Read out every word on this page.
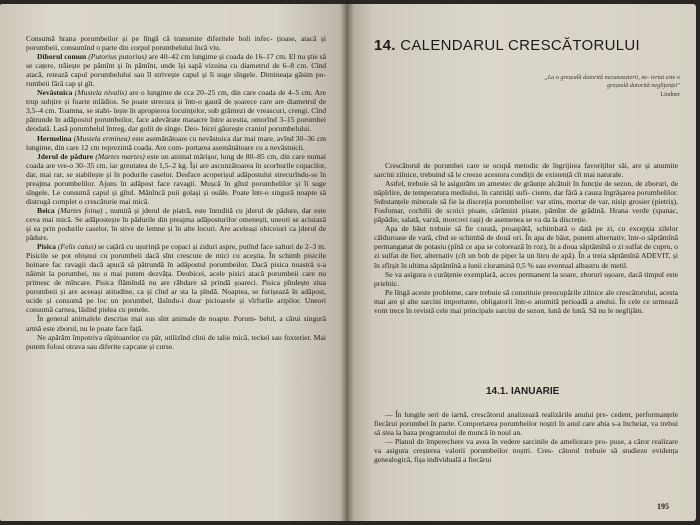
Consumă hrana porumbeilor și pe lîngă că transmite diferitele boli infec- țioase, atacă și porumbeii, consumînd o parte din corpul porumbelului încă viu.

Dihorul comun (Putorius putorius) are 40–42 cm lungime și coada de 16–17 cm. El nu știe să se cațere, trăiește pe pămînt și în pămînt, unde își sapă vizuina cu diametrul de 6–8 cm. Cînd atacă, retează capul porumbelului sau îl strivește capul și îi suge sîngele. Dimineața găsim po- rumbeii fără cap și gît.

Nevăstuica (Mustela nivalis) are o lungime de cca 20–25 cm, din care coada de 4–5 cm. Are trup subțire și foarte mlădios. Se poate strecura și într-o gaură de șoarece care are diametrul de 3,5–4 cm. Toamna, se stabi- lește în apropierea locuințelor, sub grămezi de vreascuri, crengi. Cînd pătrunde în adăpostul porumbeilor, face adevărate masacre între acestia, omorînd 3–15 porumbei deodată. Lasă porumbelul întreg, dar golit de sînge. Deo- bicei găurește craniul porumbelului.

Hermelina (Mustela erminea) este asemănătoare cu nevăstuica dar mai mare, avînd 30–36 cm lungime, din care 12 cm reprezintă coada. Are com- portarea asemănătoare cu a nevăstuicii.

Jderul de pădure (Martes martes) este un animal mărișor, lung de 80–85 cm, din care numai coada are vre-o 30–35 cm, iar greutatea de 1,5–2 kg. Își are ascunzătoarea în scorburile copacilor, dar, mai rar, se stabilește și în podurile caselor. Desface acoperișul adăpostului strecurîndu-se în preajma porumbelilor. Ajuns în adăpost face ravagii. Mușcă în gîtul porumbelilor și îi suge sîngele. Le consumă capul și gîtul. Mănîncă puii golași și ouăle. Poate într-o singură noapte să distrugă complet o crescătorie mai mică.

Beica (Martes foina) , numită și jderul de piatră, este înrudită cu jderul de pădure, dar este ceva mai mică. Se adăpostește în pădurile din preajma adăposturilor omenești, uneori se aciuiază și ea prin podurile caselor, în stive de lemne și în alte locuri. Are aceleași obiceiuri ca jderul de pădure.

Pisica (Felis catus) se cațără cu ușurință pe copaci și ziduri aspre, putînd face salturi de 2–3 m. Pisicile se pot obișnui cu porumbeii dacă sînt crescute de mici cu aceștia. În schimb pisicile hoinare fac ravagii dacă apucă să pătrundă în adăpostul porumbeilor. Dacă pisica noastră s-a năimit la porumbei, nu o mai putem dezvăța. Deobicei, acele pisici atacă porumbeii care nu primesc de mîncare. Pisica flămîndă nu are răbdare să prindă șoareci. Pisica pîndește ziua porumbeii și are aceeași atitudine, ca și cînd ar sta la pîndă. Noaptea, se furișează în adăpost, ucide și consumă pe loc un porumbel, lăsîndu-i doar picioarele și vîrfurile aripilor. Uneori consumă carnea, lăsînd pielea cu penele.

În general animalele descrise mai sus sînt animale de noapte. Porum- belul, a cărui singură armă este zborul, nu le poate face față.

Ne apărăm împotriva răpitoarelor cu păr, utilizînd clini de talie mică, teckel sau foxterier. Mai putem folosi otrava sau diferite capcane și curse.

14. CALENDARUL CRESCĂTORULUI
„La o greșeală datorită necunoașterii, ne- iertat este o greșeală datorită neglijenței"
Lindner

Crescătorul de porumbei care se ocupă metodic de îngrijirea favoriților săi, are și anumite sarcini zilnice, trebuind să le creeze acestora condiții de existență cît mai naturale.

Astfel, trebuie să le asigurăm un amestec de grăunțe alcătuit în funcție de sezon, de zboruri, de năpîrlire, de temperatura mediului, în cantități sufi- ciente, dar fără a cauza îngrășarea porumbelilor. Substanțele minerale să fie la discreția porumbeilor: var stins, mortar de var, nisip grosier (pietriș), Fosfomar, cochilii de scoici pisate, cărămizi pisate, pămînt de grădină. Hrana verde (spanac, păpădie, salată, varză, morcovi rași) de asemenea se va da la discreție.

Apa de băut trebuie să fie curată, proaspătă, schimbată o dată pe zi, cu excepția zilelor călduroase de vară, cînd se schimbă de două ori. În apa de băut, punem alternativ, într-o săptămînă permanganat de potasiu (pînă ce apa se colorează în roz), în a doua săptămînă o zi sulfat de cupru, o zi sulfat de fier, alternativ (cît un bob de piper la un litru de apă). În a treia săptămînă ADEVIT, și în sfîrșit în ultima săptămînă a lunii cloramină 0,5 % sau eventual albastru de metil.

Se va asigura o curățenie exemplară, acces permanent la soare, zboruri ușoare, dacă timpul este prielnic.

Pe lîngă aceste probleme, care trebuie să constituie preocupările zilnice ale crescătorului, acesta mai are și alte sarcini importante, obligatorii într-o anumită perioadă a anului. În cele ce urmează vom trece în revistă cele mai principale sarcini de sezon, lună de lună. Să nu le neglijăm.

14.1. IANUARIE

— În lungile seri de iarnă, crescătorul analizează realizările anului pre- cedent, performanțele fiecărui porumbel în parte. Comportarea porumbeilor noștri în anul care abia s-a încheiat, va trebui să stea la baza programului de muncă în noul an.

— Planul de împerechere va avea în vedere sarcinile de ameliorare pro- puse, a căror realizare va asigura creșterea valorii porumbeilor noștri. Cres- cătorul trebuie să studieze evidența genealogică, fișa individuală a fiecărui

195
